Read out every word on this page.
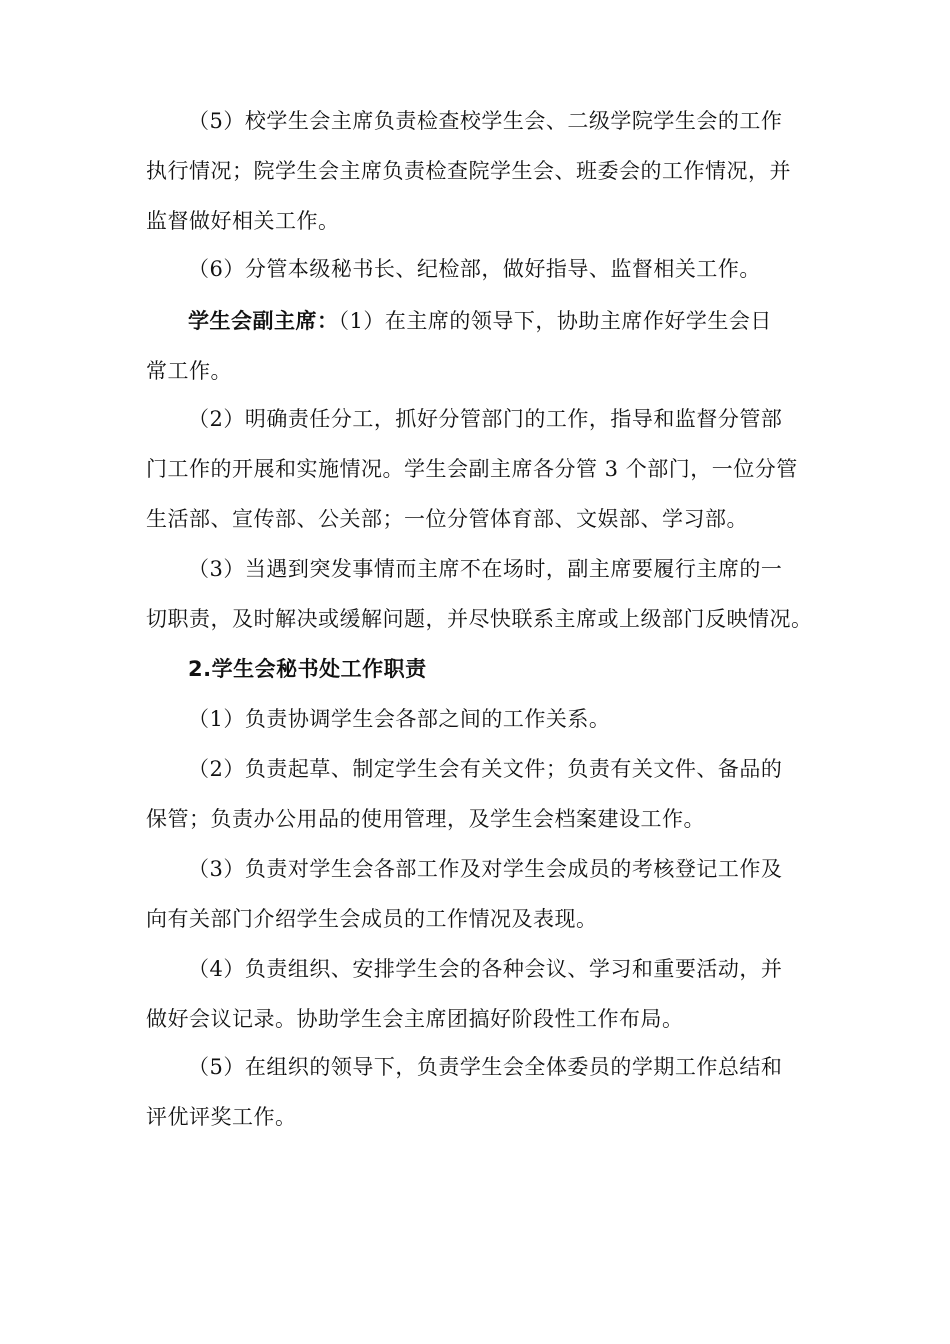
（5）校学生会主席负责检查校学生会、二级学院学生会的工作
执行情况；院学生会主席负责检查院学生会、班委会的工作情况，并
监督做好相关工作。
（6）分管本级秘书长、纪检部，做好指导、监督相关工作。
学生会副主席：（1）在主席的领导下，协助主席作好学生会日
常工作。
（2）明确责任分工，抓好分管部门的工作，指导和监督分管部
门工作的开展和实施情况。学生会副主席各分管 3 个部门，一位分管
生活部、宣传部、公关部；一位分管体育部、文娱部、学习部。
（3）当遇到突发事情而主席不在场时，副主席要履行主席的一
切职责，及时解决或缓解问题，并尽快联系主席或上级部门反映情况。
2.学生会秘书处工作职责
（1）负责协调学生会各部之间的工作关系。
（2）负责起草、制定学生会有关文件；负责有关文件、备品的
保管；负责办公用品的使用管理，及学生会档案建设工作。
（3）负责对学生会各部工作及对学生会成员的考核登记工作及
向有关部门介绍学生会成员的工作情况及表现。
（4）负责组织、安排学生会的各种会议、学习和重要活动，并
做好会议记录。协助学生会主席团搞好阶段性工作布局。
（5）在组织的领导下，负责学生会全体委员的学期工作总结和
评优评奖工作。
